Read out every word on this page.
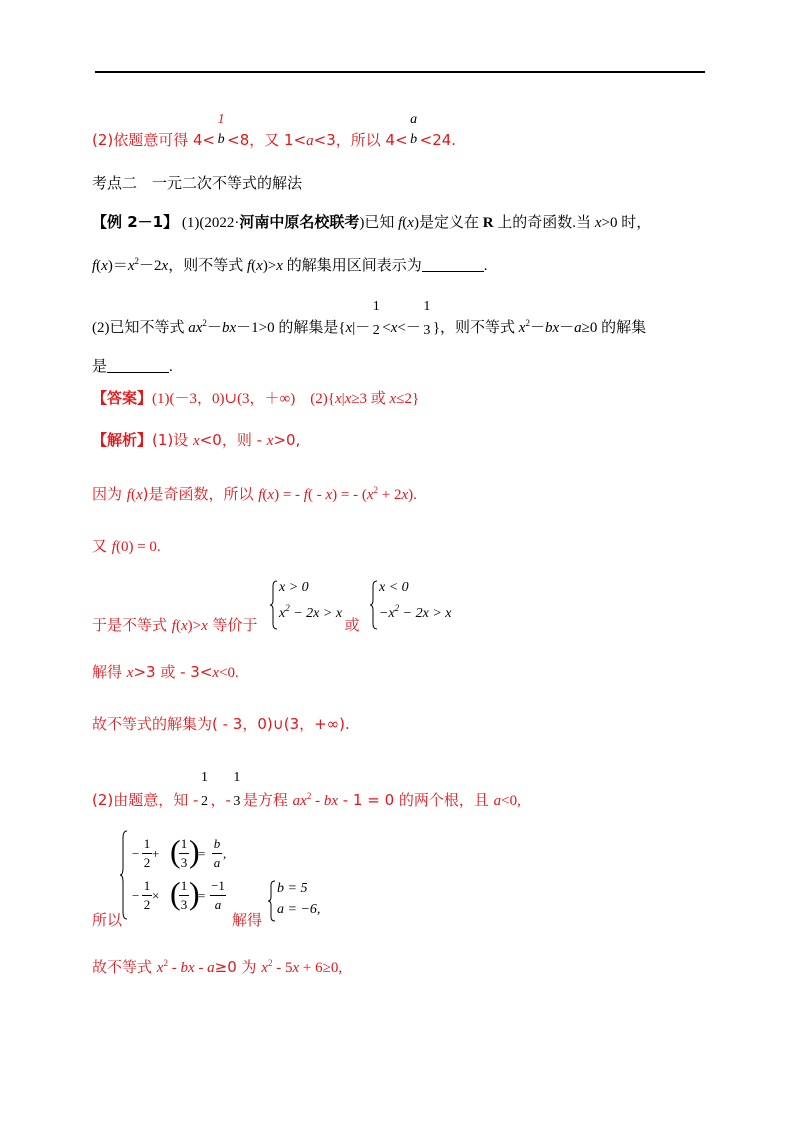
(2)依题意可得 4<
1
b <8，又 1<a<3，所以 4<
a
b <24.
考点二　一元二次不等式的解法
【例 2－1】 (1)(2022·河南中原名校联考)已知 f(x)是定义在 R 上的奇函数.当 x>0 时，
$f(x)=x^2-2x$，则不等式 f(x)>x 的解集用区间表示为	.
(2)已知不等式 $ax^2-bx-1>0$ 的解集是{x|－
1
2 <x<－
1
3 }，则不等式 $x^2-bx-a\ge 0$ 的解集
是	.
【答案】(1)(－3，0)∪(3，＋∞)　(2){x|x≥3 或 x≤2}
【解析】(1)设 x<0，则 - x>0,
因为 f(x)是奇函数，所以 f(x) = - f( - x) = - $(x^2 + 2x)$.
又 f(0) = 0.
于是不等式 f(x)>x 等价于	或
x > 0
$x^2 - 2x > x$
x < 0
$-x^2 - 2x > x$
解得 x>3 或 - 3<x<0.
故不等式的解集为( - 3，0)∪(3，+∞).
(2)由题意，知 -
1
2 ，-
1
3 是方程 $ax^2$ - bx - 1 = 0 的两个根，且 a<0,
所以
−
1
2
+ ( 1
3 )
=
b
a
,
−
1
2
× ( 1
3 )
=
−1
a
解得
b = 5
a = −6,
故不等式 $x^2$ - bx - a≥0 为 $x^2 - 5x + 6\ge 0$,
